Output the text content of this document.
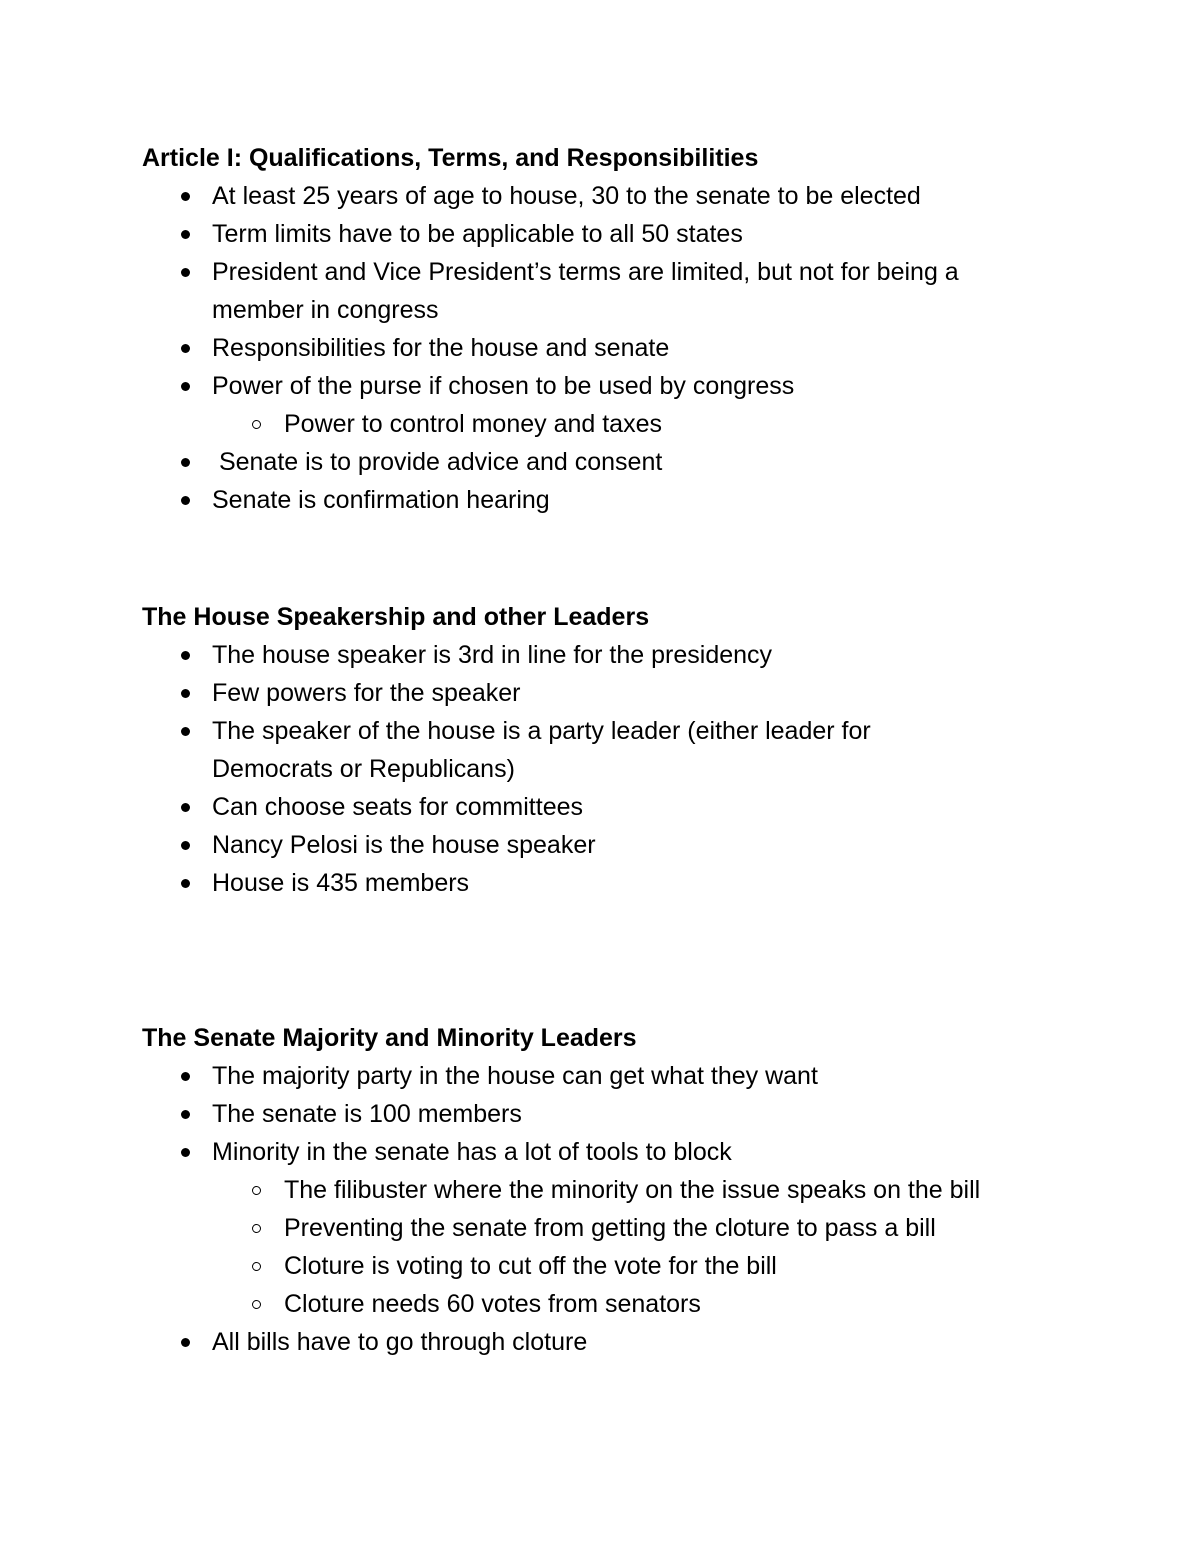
Article I: Qualifications, Terms, and Responsibilities
At least 25 years of age to house, 30 to the senate to be elected
Term limits have to be applicable to all 50 states
President and Vice President’s terms are limited, but not for being a member in congress
Responsibilities for the house and senate
Power of the purse if chosen to be used by congress
Power to control money and taxes
Senate is to provide advice and consent
Senate is confirmation hearing
The House Speakership and other Leaders
The house speaker is 3rd in line for the presidency
Few powers for the speaker
The speaker of the house is a party leader (either leader for Democrats or Republicans)
Can choose seats for committees
Nancy Pelosi is the house speaker
House is 435 members
The Senate Majority and Minority Leaders
The majority party in the house can get what they want
The senate is 100 members
Minority in the senate has a lot of tools to block
The filibuster where the minority on the issue speaks on the bill
Preventing the senate from getting the cloture to pass a bill
Cloture is voting to cut off the vote for the bill
Cloture needs 60 votes from senators
All bills have to go through cloture
